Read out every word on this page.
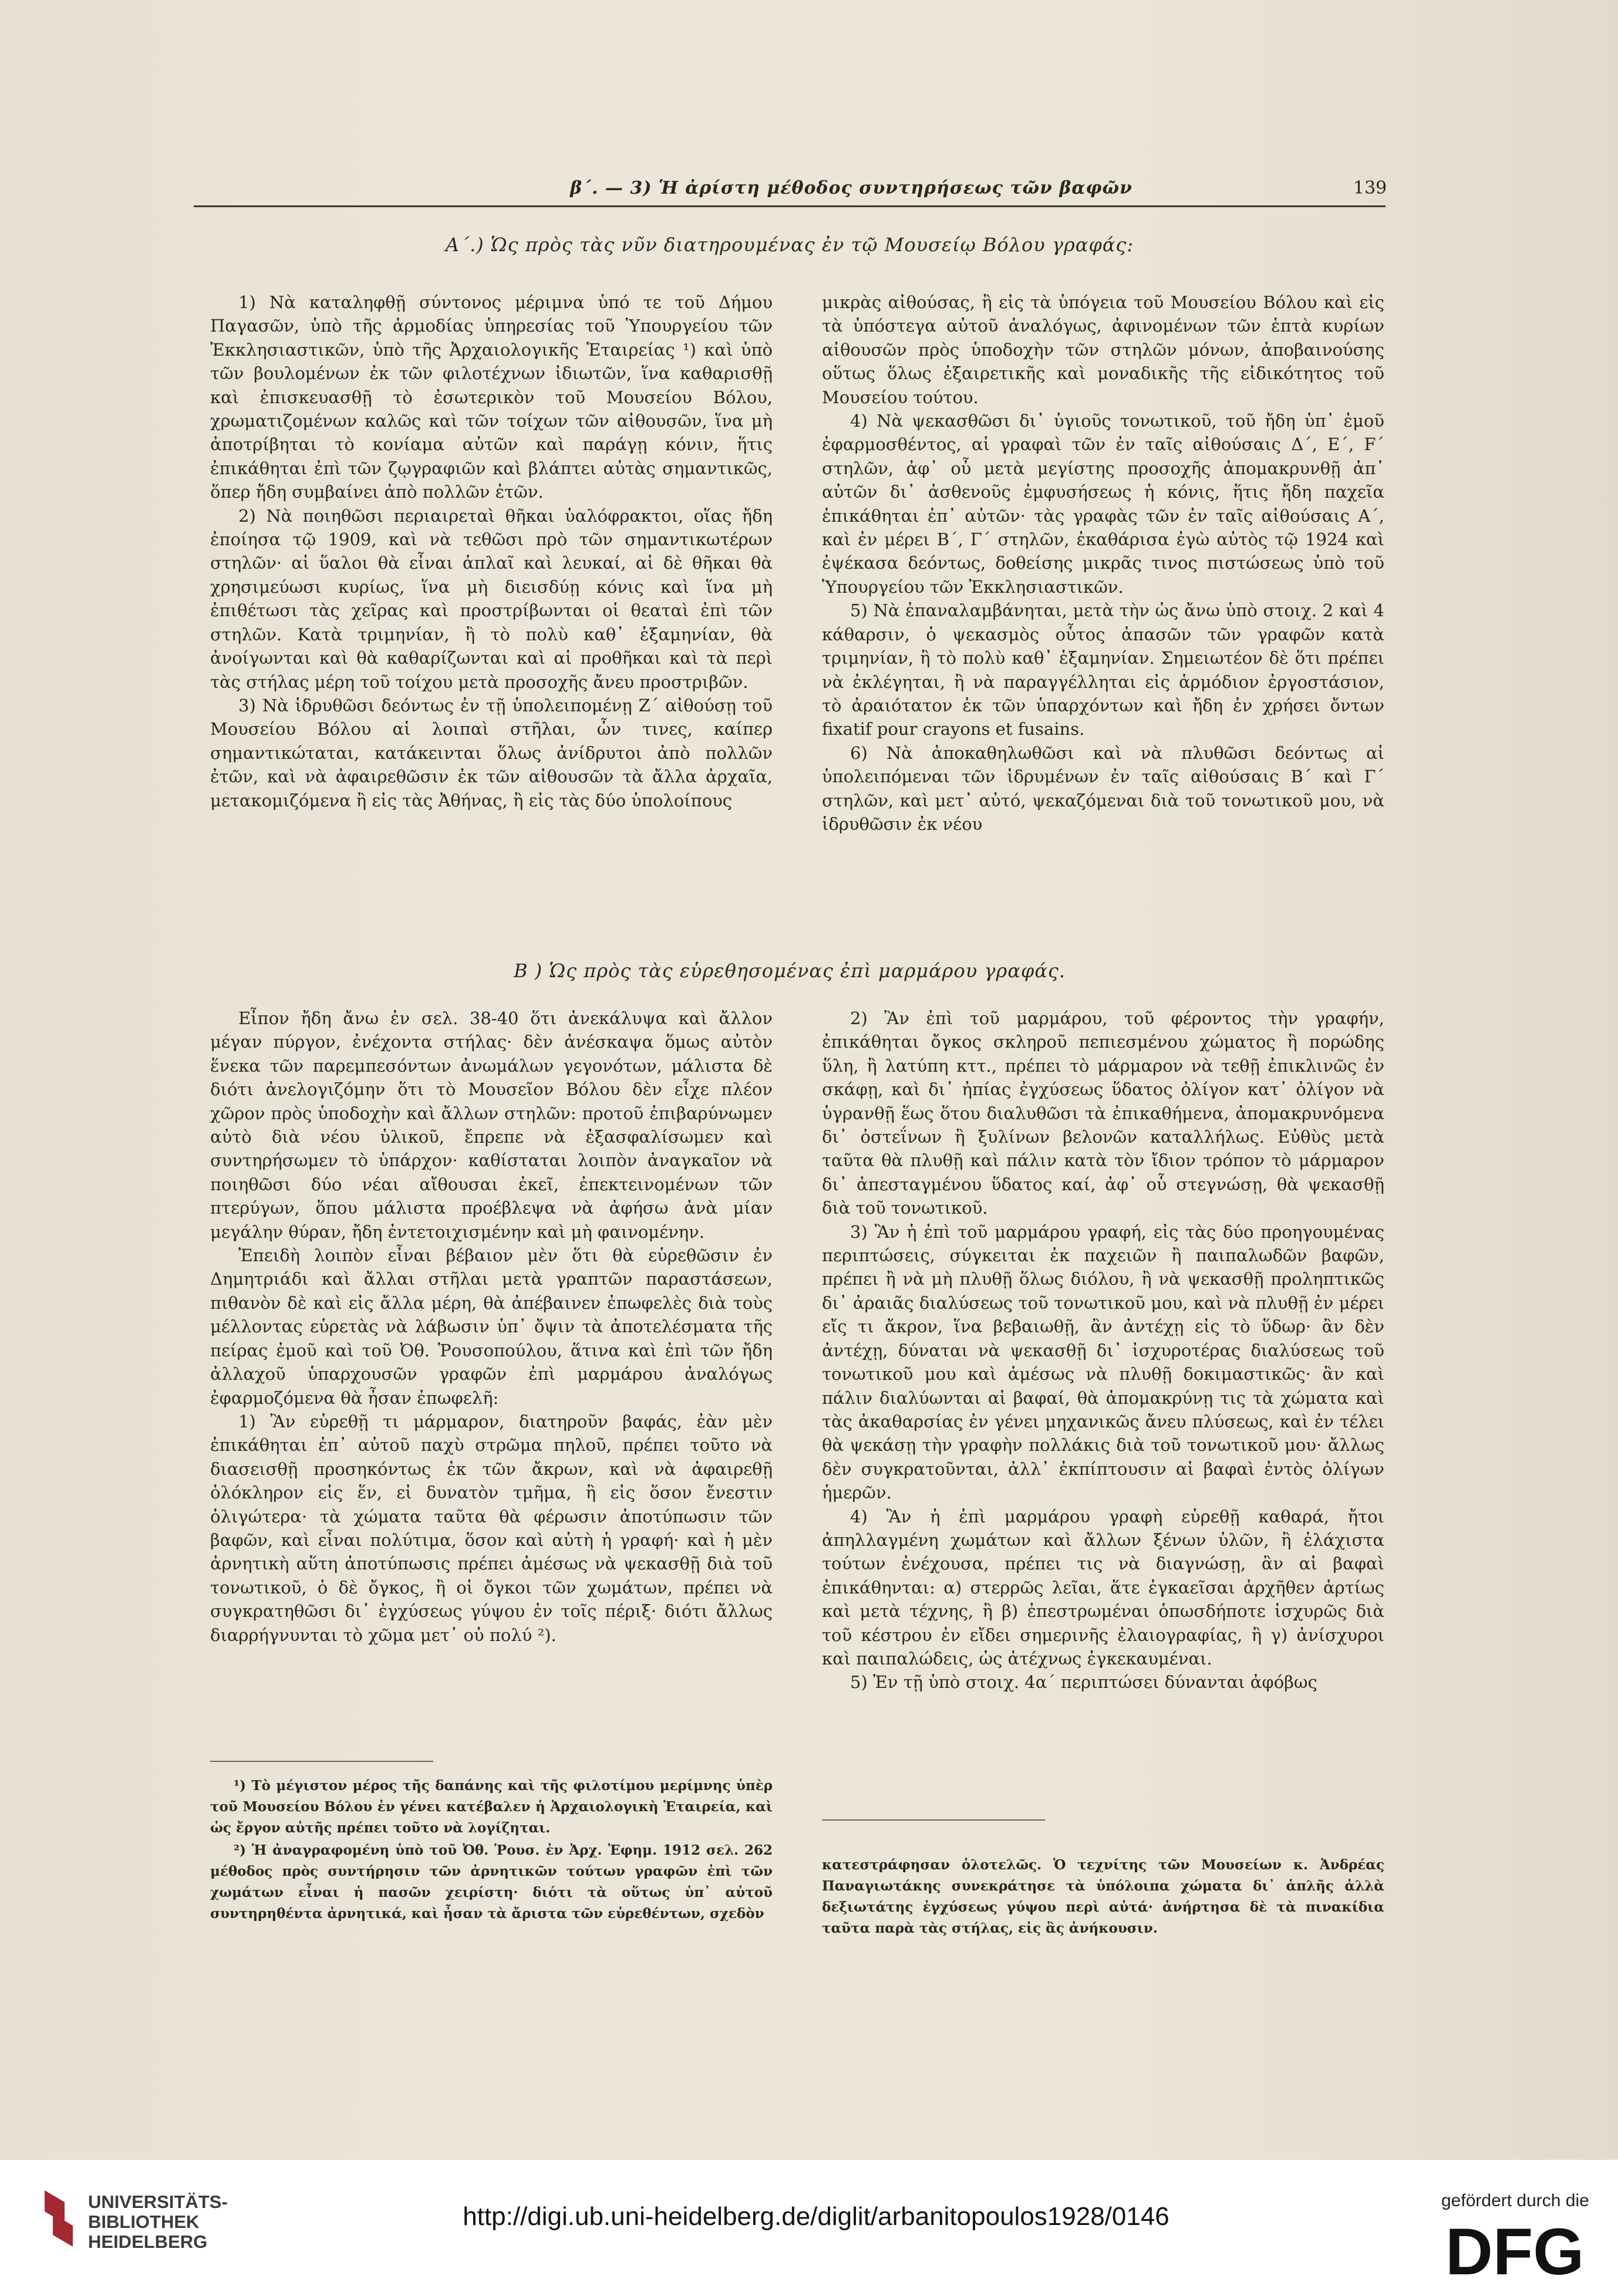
β΄. — 3) Ἡ ἀρίστη μέθοδος συντηρήσεως τῶν βαφῶν	139
Α΄.) Ὡς πρὸς τὰς νῦν διατηρουμένας ἐν τῷ Μουσείῳ Βόλου γραφάς:

1) Νὰ καταληφθῇ σύντονος μέριμνα ὑπό τε τοῦ Δήμου Παγασῶν, ὑπὸ τῆς ἁρμοδίας ὑπηρεσίας τοῦ Ὑπουργείου τῶν Ἐκκλησιαστικῶν, ὑπὸ τῆς Ἀρχαιολογικῆς Ἑταιρείας ¹) καὶ ὑπὸ τῶν βουλομένων ἐκ τῶν φιλοτέχνων ἰδιωτῶν, ἵνα καθαρισθῇ καὶ ἐπισκευασθῇ τὸ ἐσωτερικὸν τοῦ Μουσείου Βόλου, χρωματιζομένων καλῶς καὶ τῶν τοίχων τῶν αἰθουσῶν, ἵνα μὴ ἀποτρίβηται τὸ κονίαμα αὐτῶν καὶ παράγῃ κόνιν, ἥτις ἐπικάθηται ἐπὶ τῶν ζῳγραφιῶν καὶ βλάπτει αὐτὰς σημαντικῶς, ὅπερ ἤδη συμβαίνει ἀπὸ πολλῶν ἐτῶν.

2) Νὰ ποιηθῶσι περιαιρεταὶ θῆκαι ὑαλόφρακτοι, οἵας ἤδη ἐποίησα τῷ 1909, καὶ νὰ τεθῶσι πρὸ τῶν σημαντικωτέρων στηλῶν· αἱ ὕαλοι θὰ εἶναι ἁπλαῖ καὶ λευκαί, αἱ δὲ θῆκαι θὰ χρησιμεύωσι κυρίως, ἵνα μὴ διεισδύῃ κόνις καὶ ἵνα μὴ ἐπιθέτωσι τὰς χεῖρας καὶ προστρίβωνται οἱ θεαταὶ ἐπὶ τῶν στηλῶν. Κατὰ τριμηνίαν, ἢ τὸ πολὺ καθ᾽ ἑξαμηνίαν, θὰ ἀνοίγωνται καὶ θὰ καθαρίζωνται καὶ αἱ προθῆκαι καὶ τὰ περὶ τὰς στήλας μέρη τοῦ τοίχου μετὰ προσοχῆς ἄνευ προστριβῶν.

3) Νὰ ἱδρυθῶσι δεόντως ἐν τῇ ὑπολειπομένῃ Ζ΄ αἰθούσῃ τοῦ Μουσείου Βόλου αἱ λοιπαὶ στῆλαι, ὧν τινες, καίπερ σημαντικώταται, κατάκεινται ὅλως ἀνίδρυτοι ἀπὸ πολλῶν ἐτῶν, καὶ νὰ ἀφαιρεθῶσιν ἐκ τῶν αἰθουσῶν τὰ ἄλλα ἀρχαῖα, μετακομιζόμενα ἢ εἰς τὰς Ἀθήνας, ἢ εἰς τὰς δύο ὑπολοίπους

μικρὰς αἰθούσας, ἢ εἰς τὰ ὑπόγεια τοῦ Μουσείου Βόλου καὶ εἰς τὰ ὑπόστεγα αὐτοῦ ἀναλόγως, ἀφινομένων τῶν ἑπτὰ κυρίων αἰθουσῶν πρὸς ὑποδοχὴν τῶν στηλῶν μόνων, ἀποβαινούσης οὕτως ὅλως ἐξαιρετικῆς καὶ μοναδικῆς τῆς εἰδικότητος τοῦ Μουσείου τούτου.

4) Νὰ ψεκασθῶσι δι᾽ ὑγιοῦς τονωτικοῦ, τοῦ ἤδη ὑπ᾽ ἐμοῦ ἐφαρμοσθέντος, αἱ γραφαὶ τῶν ἐν ταῖς αἰθούσαις Δ΄, Ε΄, F΄ στηλῶν, ἀφ᾽ οὗ μετὰ μεγίστης προσοχῆς ἀπομακρυνθῇ ἀπ᾽ αὐτῶν δι᾽ ἀσθενοῦς ἐμφυσήσεως ἡ κόνις, ἥτις ἤδη παχεῖα ἐπικάθηται ἐπ᾽ αὐτῶν· τὰς γραφὰς τῶν ἐν ταῖς αἰθούσαις Α΄, καὶ ἐν μέρει Β΄, Γ΄ στηλῶν, ἐκαθάρισα ἐγὼ αὐτὸς τῷ 1924 καὶ ἐψέκασα δεόντως, δοθείσης μικρᾶς τινος πιστώσεως ὑπὸ τοῦ Ὑπουργείου τῶν Ἐκκλησιαστικῶν.

5) Νὰ ἐπαναλαμβάνηται, μετὰ τὴν ὡς ἄνω ὑπὸ στοιχ. 2 καὶ 4 κάθαρσιν, ὁ ψεκασμὸς οὗτος ἁπασῶν τῶν γραφῶν κατὰ τριμηνίαν, ἢ τὸ πολὺ καθ᾽ ἑξαμηνίαν. Σημειωτέον δὲ ὅτι πρέπει νὰ ἐκλέγηται, ἢ νὰ παραγγέλληται εἰς ἁρμόδιον ἐργοστάσιον, τὸ ἀραιότατον ἐκ τῶν ὑπαρχόντων καὶ ἤδη ἐν χρήσει ὄντων fixatif pour crayons et fusains.

6) Νὰ ἀποκαθηλωθῶσι καὶ νὰ πλυθῶσι δεόντως αἱ ὑπολειπόμεναι τῶν ἱδρυμένων ἐν ταῖς αἰθούσαις Β΄ καὶ Γ΄ στηλῶν, καὶ μετ᾽ αὐτό, ψεκαζόμεναι διὰ τοῦ τονωτικοῦ μου, νὰ ἱδρυθῶσιν ἐκ νέου

Β ) Ὡς πρὸς τὰς εὑρεθησομένας ἐπὶ μαρμάρου γραφάς.

Εἶπον ἤδη ἄνω ἐν σελ. 38-40 ὅτι ἀνεκάλυψα καὶ ἄλλον μέγαν πύργον, ἐνέχοντα στήλας· δὲν ἀνέσκαψα ὅμως αὐτὸν ἕνεκα τῶν παρεμπεσόντων ἀνωμάλων γεγονότων, μάλιστα δὲ διότι ἀνελογιζόμην ὅτι τὸ Μουσεῖον Βόλου δὲν εἶχε πλέον χῶρον πρὸς ὑποδοχὴν καὶ ἄλλων στηλῶν: προτοῦ ἐπιβαρύνωμεν αὐτὸ διὰ νέου ὑλικοῦ, ἔπρεπε νὰ ἐξασφαλίσωμεν καὶ συντηρήσωμεν τὸ ὑπάρχον· καθίσταται λοιπὸν ἀναγκαῖον νὰ ποιηθῶσι δύο νέαι αἴθουσαι ἐκεῖ, ἐπεκτεινομένων τῶν πτερύγων, ὅπου μάλιστα προέβλεψα νὰ ἀφήσω ἀνὰ μίαν μεγάλην θύραν, ἤδη ἐντετοιχισμένην καὶ μὴ φαινομένην.

Ἐπειδὴ λοιπὸν εἶναι βέβαιον μὲν ὅτι θὰ εὑρεθῶσιν ἐν Δημητριάδι καὶ ἄλλαι στῆλαι μετὰ γραπτῶν παραστάσεων, πιθανὸν δὲ καὶ εἰς ἄλλα μέρη, θὰ ἀπέβαινεν ἐπωφελὲς διὰ τοὺς μέλλοντας εὑρετὰς νὰ λάβωσιν ὑπ᾽ ὄψιν τὰ ἀποτελέσματα τῆς πείρας ἐμοῦ καὶ τοῦ Ὀθ. Ῥουσοπούλου, ἅτινα καὶ ἐπὶ τῶν ἤδη ἀλλαχοῦ ὑπαρχουσῶν γραφῶν ἐπὶ μαρμάρου ἀναλόγως ἐφαρμοζόμενα θὰ ἦσαν ἐπωφελῆ:

1) Ἂν εὑρεθῇ τι μάρμαρον, διατηροῦν βαφάς, ἐὰν μὲν ἐπικάθηται ἐπ᾽ αὐτοῦ παχὺ στρῶμα πηλοῦ, πρέπει τοῦτο νὰ διασεισθῇ προσηκόντως ἐκ τῶν ἄκρων, καὶ νὰ ἀφαιρεθῇ ὁλόκληρον εἰς ἕν, εἰ δυνατὸν τμῆμα, ἢ εἰς ὅσον ἔνεστιν ὀλιγώτερα· τὰ χώματα ταῦτα θὰ φέρωσιν ἀποτύπωσιν τῶν βαφῶν, καὶ εἶναι πολύτιμα, ὅσον καὶ αὐτὴ ἡ γραφή· καὶ ἡ μὲν ἀρνητικὴ αὕτη ἀποτύπωσις πρέπει ἀμέσως νὰ ψεκασθῇ διὰ τοῦ τονωτικοῦ, ὁ δὲ ὄγκος, ἢ οἱ ὄγκοι τῶν χωμάτων, πρέπει νὰ συγκρατηθῶσι δι᾽ ἐγχύσεως γύψου ἐν τοῖς πέριξ· διότι ἄλλως διαρρήγνυνται τὸ χῶμα μετ᾽ οὐ πολύ ²).

2) Ἂν ἐπὶ τοῦ μαρμάρου, τοῦ φέροντος τὴν γραφήν, ἐπικάθηται ὄγκος σκληροῦ πεπιεσμένου χώματος ἢ πορώδης ὕλη, ἢ λατύπη κττ., πρέπει τὸ μάρμαρον νὰ τεθῇ ἐπικλινῶς ἐν σκάφῃ, καὶ δι᾽ ἠπίας ἐγχύσεως ὕδατος ὀλίγον κατ᾽ ὀλίγον νὰ ὑγρανθῇ ἕως ὅτου διαλυθῶσι τὰ ἐπικαθήμενα, ἀπομακρυνόμενα δι᾽ ὀστεΐνων ἢ ξυλίνων βελονῶν καταλλήλως. Εὐθὺς μετὰ ταῦτα θὰ πλυθῇ καὶ πάλιν κατὰ τὸν ἴδιον τρόπον τὸ μάρμαρον δι᾽ ἀπεσταγμένου ὕδατος καί, ἀφ᾽ οὗ στεγνώσῃ, θὰ ψεκασθῇ διὰ τοῦ τονωτικοῦ.

3) Ἂν ἡ ἐπὶ τοῦ μαρμάρου γραφή, εἰς τὰς δύο προηγουμένας περιπτώσεις, σύγκειται ἐκ παχειῶν ἢ παιπαλωδῶν βαφῶν, πρέπει ἢ νὰ μὴ πλυθῇ ὅλως διόλου, ἢ νὰ ψεκασθῇ προληπτικῶς δι᾽ ἀραιᾶς διαλύσεως τοῦ τονωτικοῦ μου, καὶ νὰ πλυθῇ ἐν μέρει εἴς τι ἄκρον, ἵνα βεβαιωθῇ, ἂν ἀντέχῃ εἰς τὸ ὕδωρ· ἂν δὲν ἀντέχῃ, δύναται νὰ ψεκασθῇ δι᾽ ἰσχυροτέρας διαλύσεως τοῦ τονωτικοῦ μου καὶ ἀμέσως νὰ πλυθῇ δοκιμαστικῶς· ἂν καὶ πάλιν διαλύωνται αἱ βαφαί, θὰ ἀπομακρύνῃ τις τὰ χώματα καὶ τὰς ἀκαθαρσίας ἐν γένει μηχανικῶς ἄνευ πλύσεως, καὶ ἐν τέλει θὰ ψεκάσῃ τὴν γραφὴν πολλάκις διὰ τοῦ τονωτικοῦ μου· ἄλλως δὲν συγκρατοῦνται, ἀλλ᾽ ἐκπίπτουσιν αἱ βαφαὶ ἐντὸς ὀλίγων ἡμερῶν.

4) Ἂν ἡ ἐπὶ μαρμάρου γραφὴ εὑρεθῇ καθαρά, ἤτοι ἀπηλλαγμένη χωμάτων καὶ ἄλλων ξένων ὑλῶν, ἢ ἐλάχιστα τούτων ἐνέχουσα, πρέπει τις νὰ διαγνώσῃ, ἂν αἱ βαφαὶ ἐπικάθηνται: α) στερρῶς λεῖαι, ἅτε ἐγκαεῖσαι ἀρχῆθεν ἀρτίως καὶ μετὰ τέχνης, ἢ β) ἐπεστρωμέναι ὁπωσδήποτε ἰσχυρῶς διὰ τοῦ κέστρου ἐν εἴδει σημερινῆς ἐλαιογραφίας, ἢ γ) ἀνίσχυροι καὶ παιπαλώδεις, ὡς ἀτέχνως ἐγκεκαυμέναι.

5) Ἐν τῇ ὑπὸ στοιχ. 4α΄ περιπτώσει δύνανται ἀφόβως

¹) Τὸ μέγιστον μέρος τῆς δαπάνης καὶ τῆς φιλοτίμου μερίμνης ὑπὲρ τοῦ Μουσείου Βόλου ἐν γένει κατέβαλεν ἡ Ἀρχαιολογικὴ Ἑταιρεία, καὶ ὡς ἔργον αὐτῆς πρέπει τοῦτο νὰ λογίζηται.

²) Ἡ ἀναγραφομένη ὑπὸ τοῦ Ὀθ. Ῥουσ. ἐν Ἀρχ. Ἐφημ. 1912 σελ. 262 μέθοδος πρὸς συντήρησιν τῶν ἀρνητικῶν τούτων γραφῶν ἐπὶ τῶν χωμάτων εἶναι ἡ πασῶν χειρίστη· διότι τὰ οὕτως ὑπ᾽ αὐτοῦ συντηρηθέντα ἀρνητικά, καὶ ἦσαν τὰ ἄριστα τῶν εὑρεθέντων, σχεδὸν

κατεστράφησαν ὁλοτελῶς. Ὁ τεχνίτης τῶν Μουσείων κ. Ἀνδρέας Παναγιωτάκης συνεκράτησε τὰ ὑπόλοιπα χώματα δι᾽ ἁπλῆς ἀλλὰ δεξιωτάτης ἐγχύσεως γύψου περὶ αὐτά· ἀνήρτησα δὲ τὰ πινακίδια ταῦτα παρὰ τὰς στήλας, εἰς ἃς ἀνήκουσιν.

UNIVERSITÄTS-
BIBLIOTHEK
HEIDELBERG
http://digi.ub.uni-heidelberg.de/diglit/arbanitopoulos1928/0146
gefördert durch die
DFG
